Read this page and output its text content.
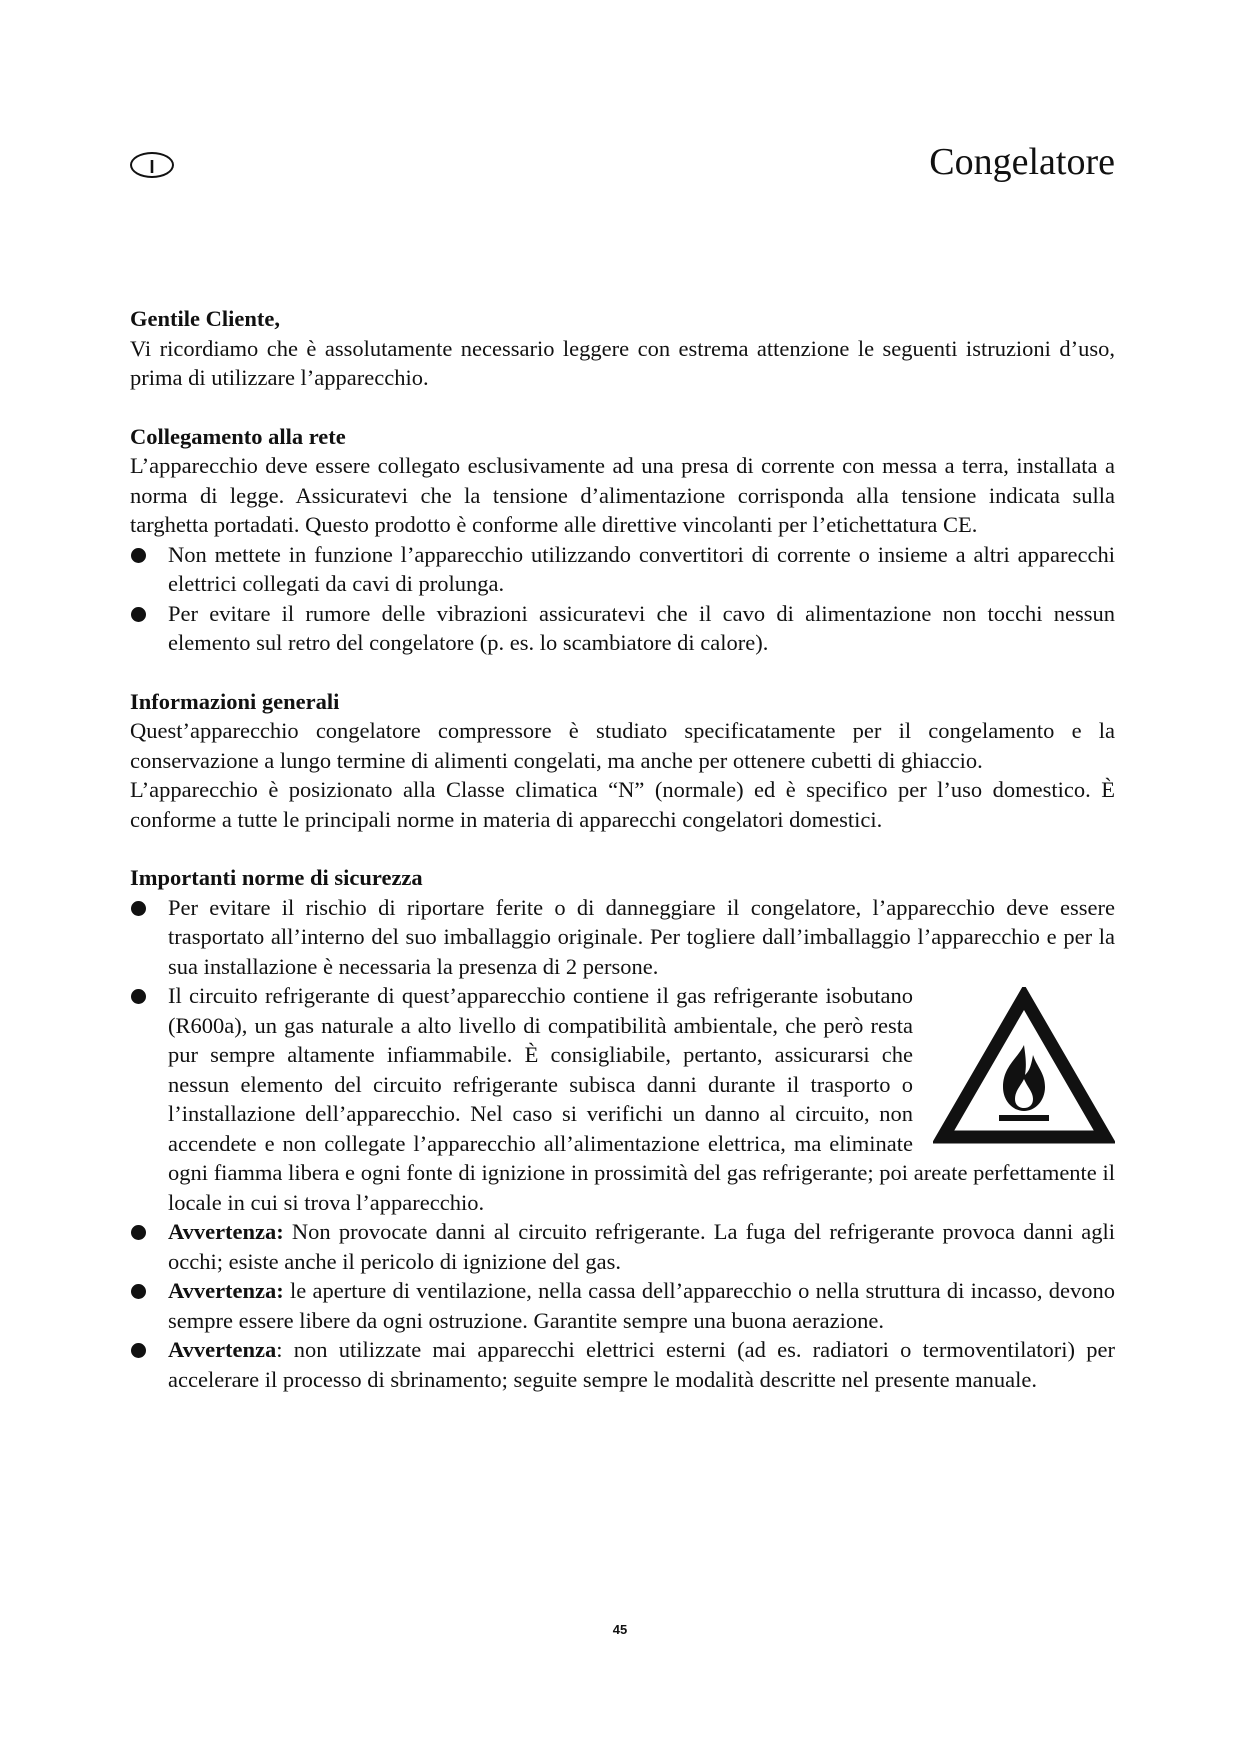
I	Congelatore
Gentile Cliente,

Vi ricordiamo che è assolutamente necessario leggere con estrema attenzione le seguenti istruzioni d’uso, prima di utilizzare l’apparecchio.

Collegamento alla rete

L’apparecchio deve essere collegato esclusivamente ad una presa di corrente con messa a terra, installata a norma di legge. Assicuratevi che la tensione d’alimentazione corrisponda alla tensione indicata sulla targhetta portadati. Questo prodotto è conforme alle direttive vincolanti per l’etichettatura CE.

Non mettete in funzione l’apparecchio utilizzando convertitori di corrente o insieme a altri apparecchi elettrici collegati da cavi di prolunga.
Per evitare il rumore delle vibrazioni assicuratevi che il cavo di alimentazione non tocchi nessun elemento sul retro del congelatore (p. es. lo scambiatore di calore).
Informazioni generali

Quest’apparecchio congelatore compressore è studiato specificatamente per il congelamento e la conservazione a lungo termine di alimenti congelati, ma anche per ottenere cubetti di ghiaccio.

L’apparecchio è posizionato alla Classe climatica “N” (normale) ed è specifico per l’uso domestico. È conforme a tutte le principali norme in materia di apparecchi congelatori domestici.

Importanti norme di sicurezza
Per evitare il rischio di riportare ferite o di danneggiare il congelatore, l’apparecchio deve essere trasportato all’interno del suo imballaggio originale. Per togliere dall’imballaggio l’apparecchio e per la sua installazione è necessaria la presenza di 2 persone.
Il circuito refrigerante di quest’apparecchio contiene il gas refrigerante isobutano (R600a), un gas naturale a alto livello di compatibilità ambientale, che però resta pur sempre altamente infiammabile. È consigliabile, pertanto, assicurarsi che nessun elemento del circuito refrigerante subisca danni durante il trasporto o l’installazione dell’apparecchio. Nel caso si verifichi un danno al circuito, non accendete e non collegate l’apparecchio all’alimentazione elettrica, ma eliminate ogni fiamma libera e ogni fonte di ignizione in prossimità del gas refrigerante; poi areate perfettamente il locale in cui si trova l’apparecchio.
Avvertenza: Non provocate danni al circuito refrigerante. La fuga del refrigerante provoca danni agli occhi; esiste anche il pericolo di ignizione del gas.
Avvertenza: le aperture di ventilazione, nella cassa dell’apparecchio o nella struttura di incasso, devono sempre essere libere da ogni ostruzione. Garantite sempre una buona aerazione.
Avvertenza: non utilizzate mai apparecchi elettrici esterni (ad es. radiatori o termoventilatori) per accelerare il processo di sbrinamento; seguite sempre le modalità descritte nel presente manuale.
45
